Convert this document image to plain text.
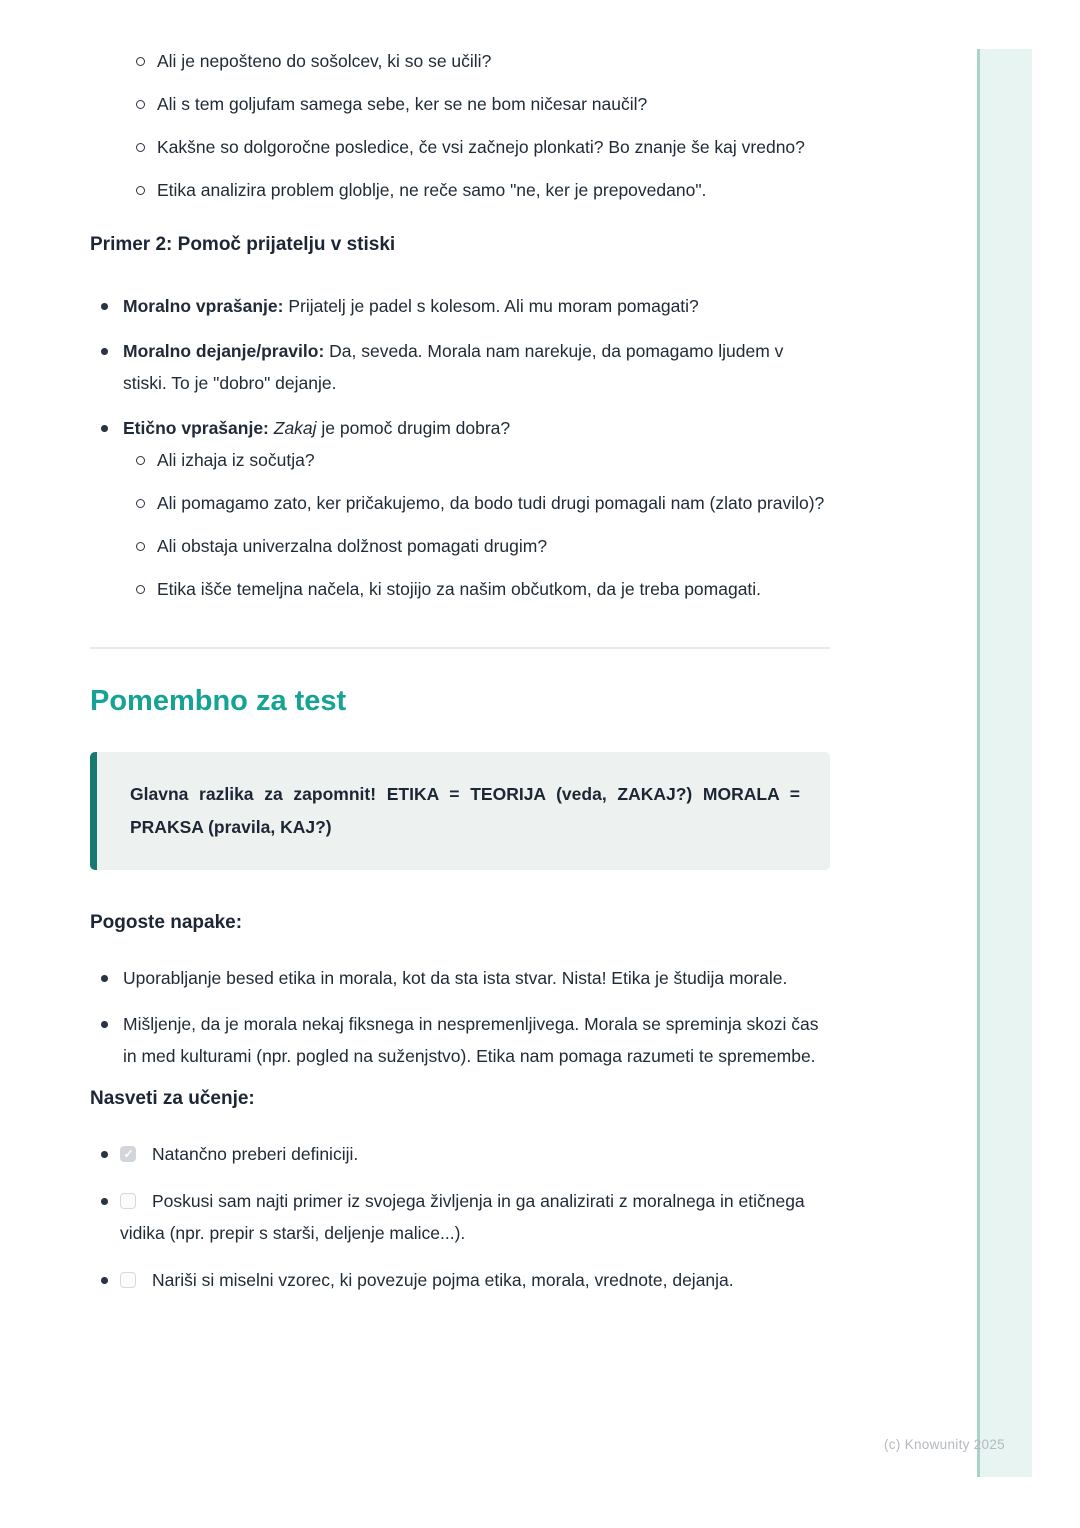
(c) Knowunity 2025
Ali je nepošteno do sošolcev, ki so se učili?
Ali s tem goljufam samega sebe, ker se ne bom ničesar naučil?
Kakšne so dolgoročne posledice, če vsi začnejo plonkati? Bo znanje še kaj vredno?
Etika analizira problem globlje, ne reče samo "ne, ker je prepovedano".
Primer 2: Pomoč prijatelju v stiski
Moralno vprašanje: Prijatelj je padel s kolesom. Ali mu moram pomagati?
Moralno dejanje/pravilo: Da, seveda. Morala nam narekuje, da pomagamo ljudem v stiski. To je "dobro" dejanje.
Etično vprašanje: Zakaj je pomoč drugim dobra?
Ali izhaja iz sočutja?
Ali pomagamo zato, ker pričakujemo, da bodo tudi drugi pomagali nam (zlato pravilo)?
Ali obstaja univerzalna dolžnost pomagati drugim?
Etika išče temeljna načela, ki stojijo za našim občutkom, da je treba pomagati.
Pomembno za test

Glavna razlika za zapomnit! ETIKA = TEORIJA (veda, ZAKAJ?) MORALA = PRAKSA (pravila, KAJ?)

Pogoste napake:
Uporabljanje besed etika in morala, kot da sta ista stvar. Nista! Etika je študija morale.
Mišljenje, da je morala nekaj fiksnega in nespremenljivega. Morala se spreminja skozi čas in med kulturami (npr. pogled na suženjstvo). Etika nam pomaga razumeti te spremembe.
Nasveti za učenje:
✓Natančno preberi definiciji.
Poskusi sam najti primer iz svojega življenja in ga analizirati z moralnega in etičnega vidika (npr. prepir s starši, deljenje malice...).
Nariši si miselni vzorec, ki povezuje pojma etika, morala, vrednote, dejanja.
